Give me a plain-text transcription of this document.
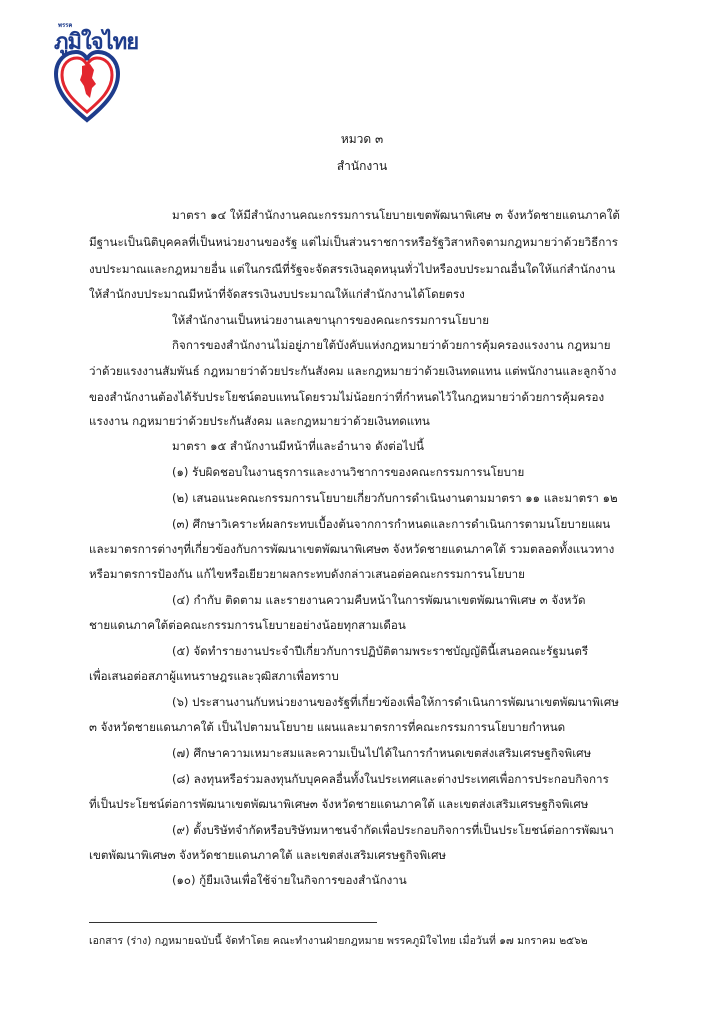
พรรค
ภูมิใจไทย
หมวด ๓
สำนักงาน
มาตรา ๑๔ ให้มีสำนักงานคณะกรรมการนโยบายเขตพัฒนาพิเศษ ๓ จังหวัดชายแดนภาคใต้
มีฐานะเป็นนิติบุคคลที่เป็นหน่วยงานของรัฐ แต่ไม่เป็นส่วนราชการหรือรัฐวิสาหกิจตามกฎหมายว่าด้วยวิธีการ
งบประมาณและกฎหมายอื่น แต่ในกรณีที่รัฐจะจัดสรรเงินอุดหนุนทั่วไปหรืองบประมาณอื่นใดให้แก่สำนักงาน
ให้สำนักงบประมาณมีหน้าที่จัดสรรเงินงบประมาณให้แก่สำนักงานได้โดยตรง
ให้สำนักงานเป็นหน่วยงานเลขานุการของคณะกรรมการนโยบาย
กิจการของสำนักงานไม่อยู่ภายใต้บังคับแห่งกฎหมายว่าด้วยการคุ้มครองแรงงาน กฎหมาย
ว่าด้วยแรงงานสัมพันธ์ กฎหมายว่าด้วยประกันสังคม และกฎหมายว่าด้วยเงินทดแทน แต่พนักงานและลูกจ้าง
ของสำนักงานต้องได้รับประโยชน์ตอบแทนโดยรวมไม่น้อยกว่าที่กำหนดไว้ในกฎหมายว่าด้วยการคุ้มครอง
แรงงาน กฎหมายว่าด้วยประกันสังคม และกฎหมายว่าด้วยเงินทดแทน
มาตรา ๑๕ สำนักงานมีหน้าที่และอำนาจ ดังต่อไปนี้
(๑) รับผิดชอบในงานธุรการและงานวิชาการของคณะกรรมการนโยบาย
(๒) เสนอแนะคณะกรรมการนโยบายเกี่ยวกับการดำเนินงานตามมาตรา ๑๑ และมาตรา ๑๒
(๓) ศึกษาวิเคราะห์ผลกระทบเบื้องต้นจากการกำหนดและการดำเนินการตามนโยบายแผน
และมาตรการต่างๆที่เกี่ยวข้องกับการพัฒนาเขตพัฒนาพิเศษ๓ จังหวัดชายแดนภาคใต้ รวมตลอดทั้งแนวทาง
หรือมาตรการป้องกัน แก้ไขหรือเยียวยาผลกระทบดังกล่าวเสนอต่อคณะกรรมการนโยบาย
(๔) กำกับ ติดตาม และรายงานความคืบหน้าในการพัฒนาเขตพัฒนาพิเศษ ๓ จังหวัด
ชายแดนภาคใต้ต่อคณะกรรมการนโยบายอย่างน้อยทุกสามเดือน
(๕) จัดทำรายงานประจำปีเกี่ยวกับการปฏิบัติตามพระราชบัญญัตินี้เสนอคณะรัฐมนตรี
เพื่อเสนอต่อสภาผู้แทนราษฎรและวุฒิสภาเพื่อทราบ
(๖) ประสานงานกับหน่วยงานของรัฐที่เกี่ยวข้องเพื่อให้การดำเนินการพัฒนาเขตพัฒนาพิเศษ
๓ จังหวัดชายแดนภาคใต้ เป็นไปตามนโยบาย แผนและมาตรการที่คณะกรรมการนโยบายกำหนด
(๗) ศึกษาความเหมาะสมและความเป็นไปได้ในการกำหนดเขตส่งเสริมเศรษฐกิจพิเศษ
(๘) ลงทุนหรือร่วมลงทุนกับบุคคลอื่นทั้งในประเทศและต่างประเทศเพื่อการประกอบกิจการ
ที่เป็นประโยชน์ต่อการพัฒนาเขตพัฒนาพิเศษ๓ จังหวัดชายแดนภาคใต้ และเขตส่งเสริมเศรษฐกิจพิเศษ
(๙) ตั้งบริษัทจำกัดหรือบริษัทมหาชนจำกัดเพื่อประกอบกิจการที่เป็นประโยชน์ต่อการพัฒนา
เขตพัฒนาพิเศษ๓ จังหวัดชายแดนภาคใต้ และเขตส่งเสริมเศรษฐกิจพิเศษ
(๑๐) กู้ยืมเงินเพื่อใช้จ่ายในกิจการของสำนักงาน
เอกสาร (ร่าง) กฎหมายฉบับนี้ จัดทำโดย คณะทำงานฝ่ายกฎหมาย พรรคภูมิใจไทย เมื่อวันที่ ๑๗ มกราคม ๒๕๖๒
